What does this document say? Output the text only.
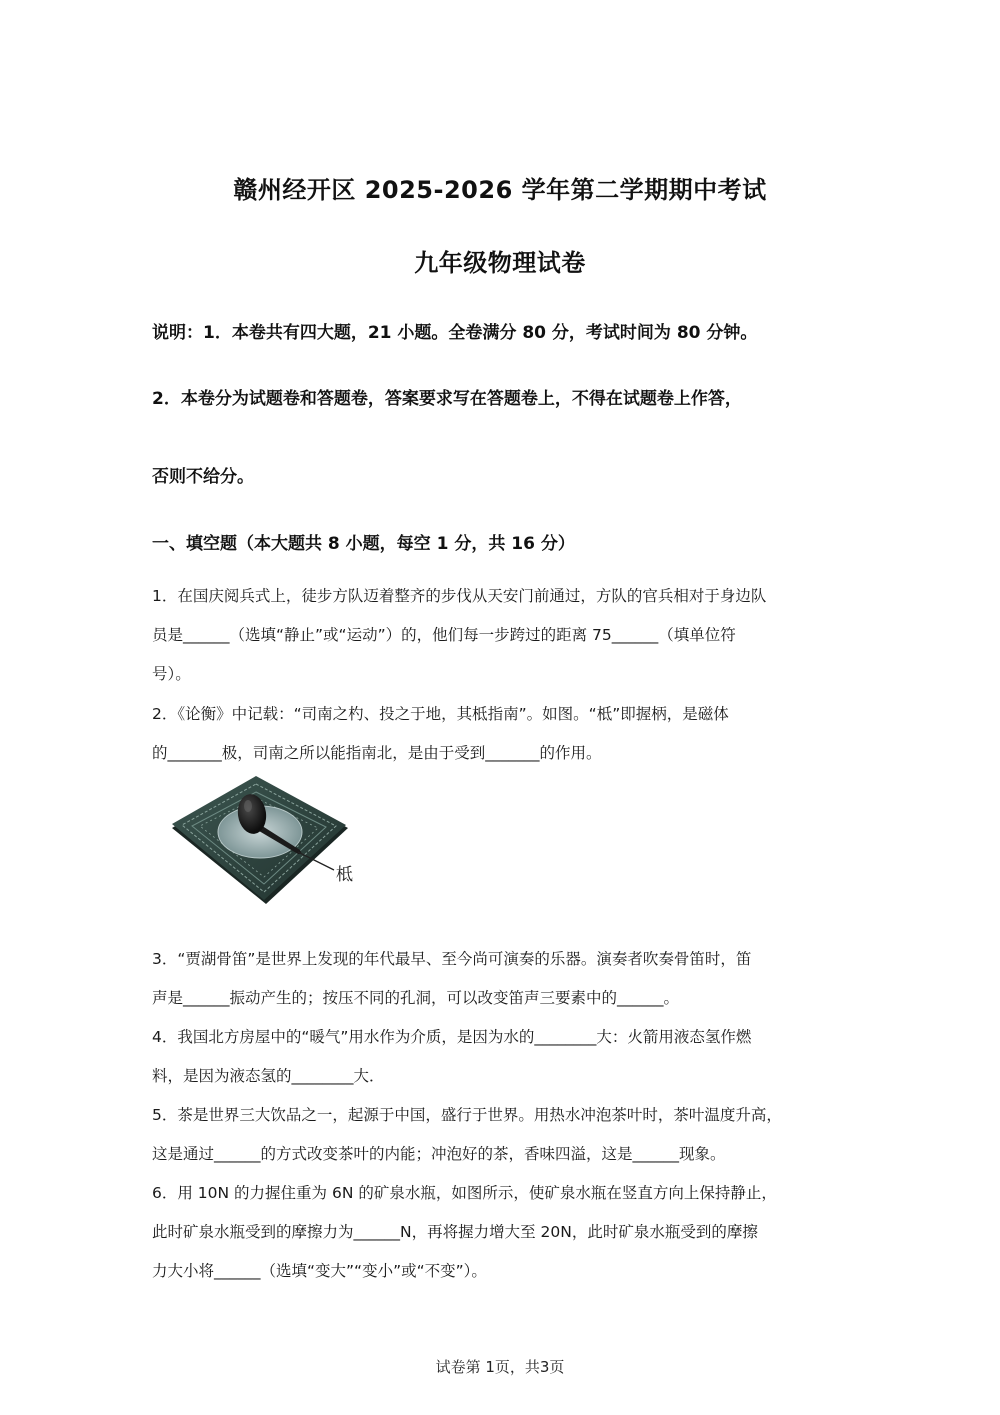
赣州经开区 2025-2026 学年第二学期期中考试
九年级物理试卷
说明：1．本卷共有四大题，21 小题。全卷满分 80 分，考试时间为 80 分钟。
2．本卷分为试题卷和答题卷，答案要求写在答题卷上，不得在试题卷上作答，
否则不给分。
一、填空题（本大题共 8 小题，每空 1 分，共 16 分）
1．在国庆阅兵式上，徒步方队迈着整齐的步伐从天安门前通过，方队的官兵相对于身边队
员是______（选填“静止”或“运动”）的，他们每一步跨过的距离 75______（填单位符
号）。
2．《论衡》中记载：“司南之杓、投之于地，其柢指南”。如图。“柢”即握柄，是磁体
的_______极，司南之所以能指南北，是由于受到_______的作用。
柢
3．“贾湖骨笛”是世界上发现的年代最早、至今尚可演奏的乐器。演奏者吹奏骨笛时，笛
声是______振动产生的；按压不同的孔洞，可以改变笛声三要素中的______。
4．我国北方房屋中的“暖气”用水作为介质，是因为水的________大：火箭用液态氢作燃
料，是因为液态氢的________大．
5．茶是世界三大饮品之一，起源于中国，盛行于世界。用热水冲泡茶叶时，茶叶温度升高，
这是通过______的方式改变茶叶的内能；冲泡好的茶，香味四溢，这是______现象。
6．用 10N 的力握住重为 6N 的矿泉水瓶，如图所示，使矿泉水瓶在竖直方向上保持静止，
此时矿泉水瓶受到的摩擦力为______N，再将握力增大至 20N，此时矿泉水瓶受到的摩擦
力大小将______（选填“变大”“变小”或“不变”）。
试卷第 1页，共3页
